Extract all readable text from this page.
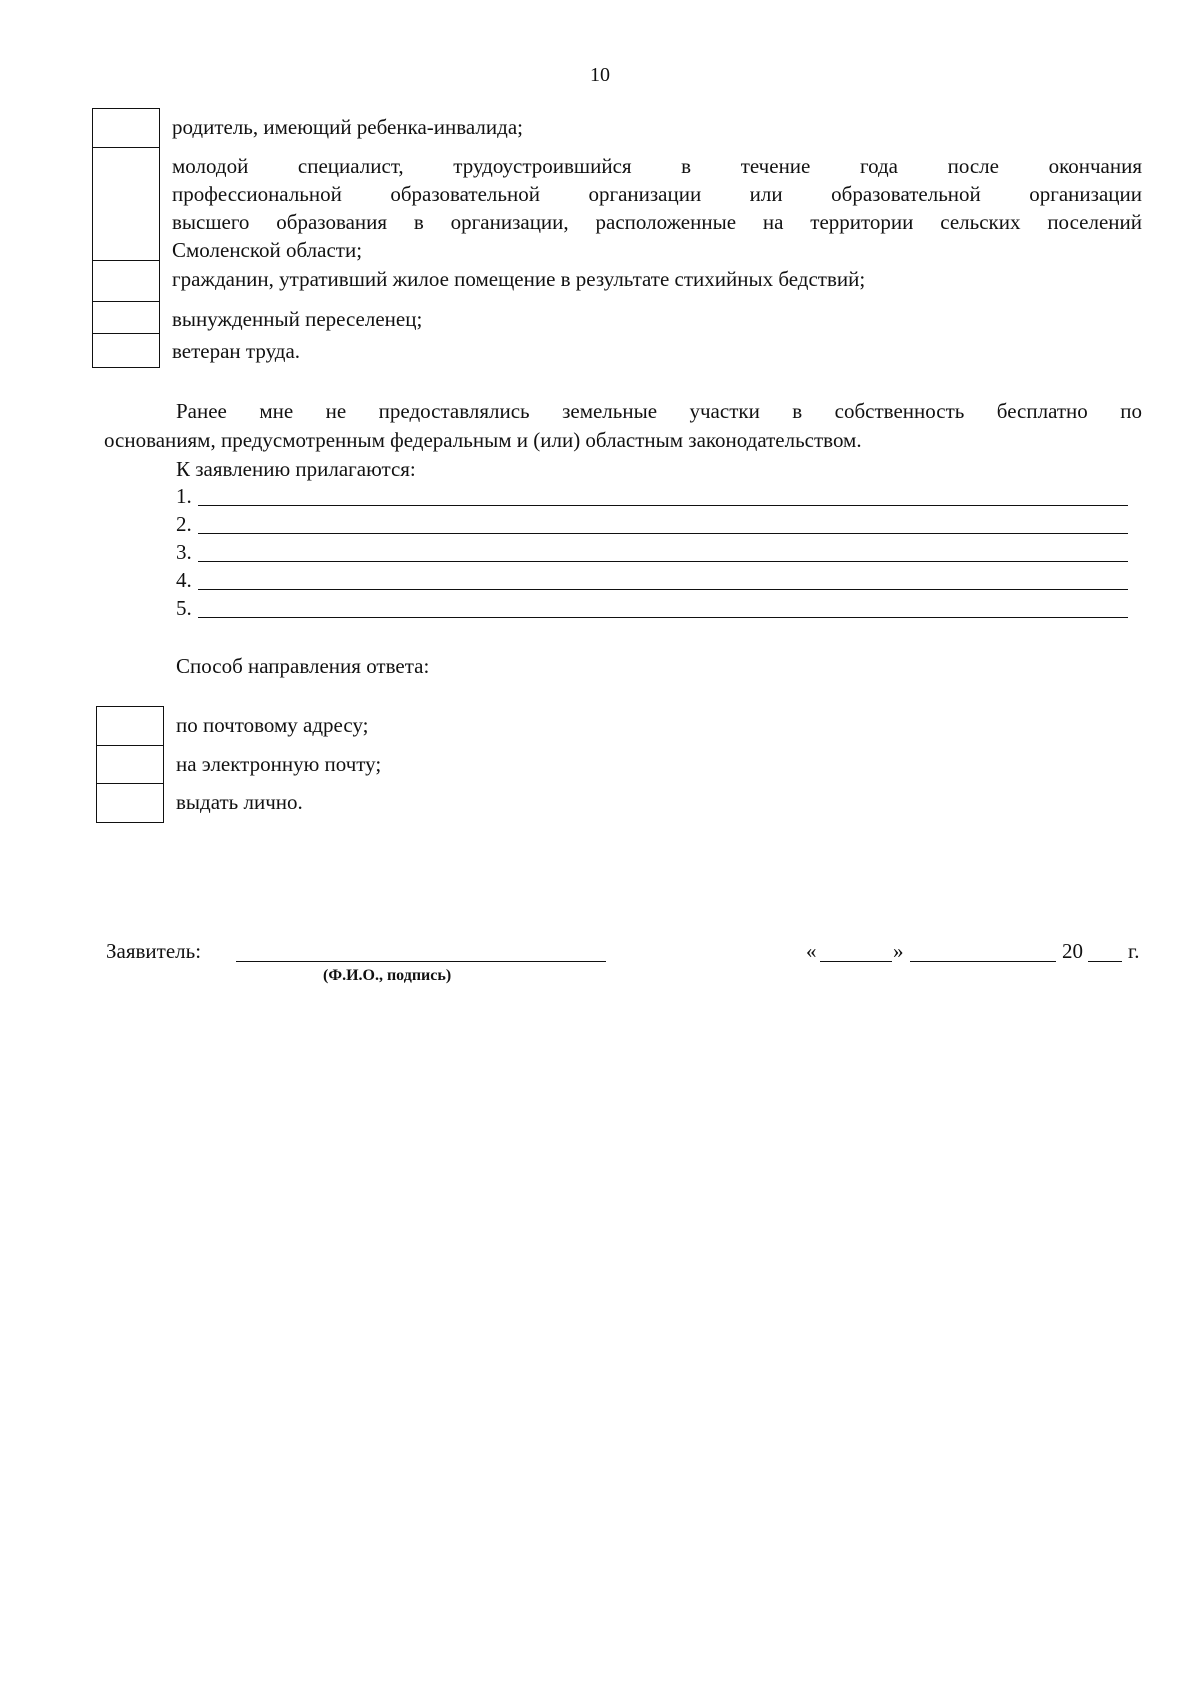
10
родитель, имеющий ребенка-инвалида;
молодой специалист, трудоустроившийся в течение года после окончания
профессиональной образовательной организации или образовательной организации
высшего образования в организации, расположенные на территории сельских поселений
Смоленской области;
гражданин, утративший жилое помещение в результате стихийных бедствий;
вынужденный переселенец;
ветеран труда.
Ранее мне не предоставлялись земельные участки в собственность бесплатно по
основаниям, предусмотренным федеральным и (или) областным законодательством.
К заявлению прилагаются:
1.
2.
3.
4.
5.
Способ направления ответа:
по почтовому адресу;
на электронную почту;
выдать лично.
Заявитель:
(Ф.И.О., подпись)
«	»	20 г.
